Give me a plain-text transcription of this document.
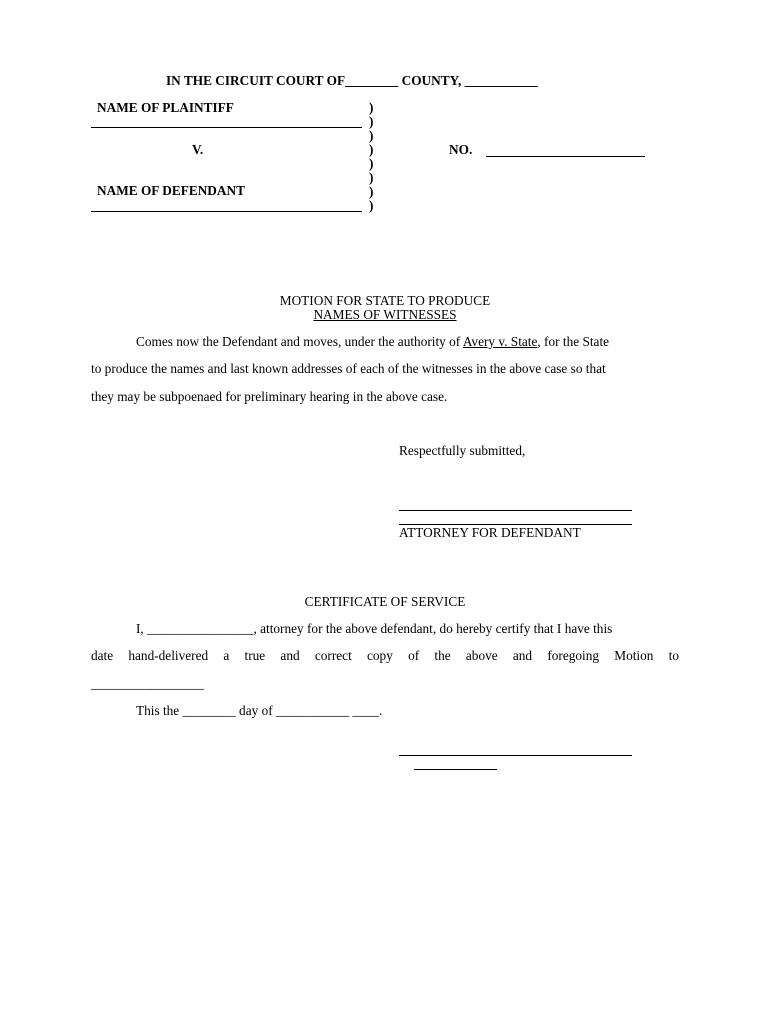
IN THE CIRCUIT COURT OF________ COUNTY, ___________
NAME OF PLAINTIFF
V.
NAME OF DEFENDANT
)
)
)
)
)
)
)
)
NO.
MOTION FOR STATE TO PRODUCE
NAMES OF WITNESSES
Comes now the Defendant and moves, under the authority of Avery v. State, for the State
to produce the names and last known addresses of each of the witnesses in the above case so that
they may be subpoenaed for preliminary hearing in the above case.
Respectfully submitted,
ATTORNEY FOR DEFENDANT
CERTIFICATE OF SERVICE
I, ________________, attorney for the above defendant, do hereby certify that I have this
date hand-delivered a true and correct copy of the above and foregoing Motion to
_________________
This the ________ day of ___________ ____.
